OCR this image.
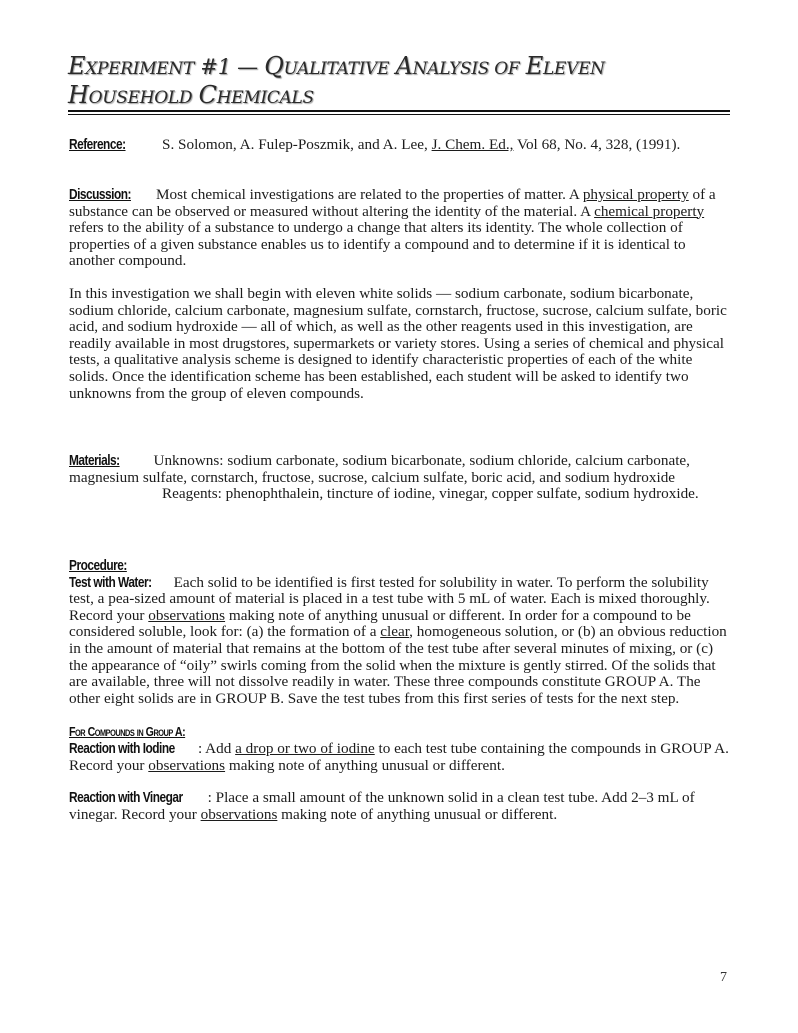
EXPERIMENT #1 — QUALITATIVE ANALYSIS OF ELEVEN
HOUSEHOLD CHEMICALS
Reference: S. Solomon, A. Fulep-Poszmik, and A. Lee, J. Chem. Ed., Vol 68, No. 4, 328, (1991).

Discussion: Most chemical investigations are related to the properties of matter. A physical property of a substance can be observed or measured without altering the identity of the material. A chemical property refers to the ability of a substance to undergo a change that alters its identity. The whole collection of properties of a given substance enables us to identify a compound and to determine if it is identical to another compound.

In this investigation we shall begin with eleven white solids — sodium carbonate, sodium bicarbonate, sodium chloride, calcium carbonate, magnesium sulfate, cornstarch, fructose, sucrose, calcium sulfate, boric acid, and sodium hydroxide — all of which, as well as the other reagents used in this investigation, are readily available in most drugstores, supermarkets or variety stores. Using a series of chemical and physical tests, a qualitative analysis scheme is designed to identify characteristic properties of each of the white solids. Once the identification scheme has been established, each student will be asked to identify two unknowns from the group of eleven compounds.

Materials: Unknowns: sodium carbonate, sodium bicarbonate, sodium chloride, calcium carbonate, magnesium sulfate, cornstarch, fructose, sucrose, calcium sulfate, boric acid, and sodium hydroxide

Reagents: phenophthalein, tincture of iodine, vinegar, copper sulfate, sodium hydroxide.

Procedure:

Test with Water: Each solid to be identified is first tested for solubility in water. To perform the solubility test, a pea-sized amount of material is placed in a test tube with 5 mL of water. Each is mixed thoroughly. Record your observations making note of anything unusual or different. In order for a compound to be considered soluble, look for: (a) the formation of a clear, homogeneous solution, or (b) an obvious reduction in the amount of material that remains at the bottom of the test tube after several minutes of mixing, or (c) the appearance of “oily” swirls coming from the solid when the mixture is gently stirred. Of the solids that are available, three will not dissolve readily in water. These three compounds constitute GROUP A. The other eight solids are in GROUP B. Save the test tubes from this first series of tests for the next step.

For Compounds in Group A:

Reaction with Iodine : Add a drop or two of iodine to each test tube containing the compounds in GROUP A. Record your observations making note of anything unusual or different.

Reaction with Vinegar : Place a small amount of the unknown solid in a clean test tube. Add 2–3 mL of vinegar. Record your observations making note of anything unusual or different.

7
